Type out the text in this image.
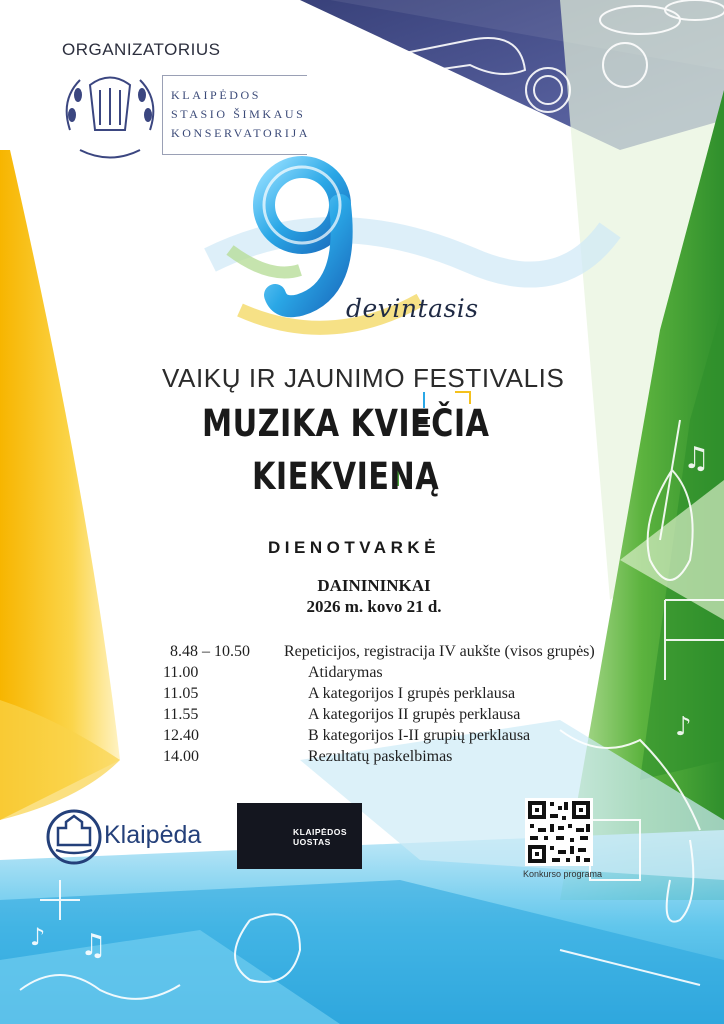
♫
♪
♪ ♫
♪
ORGANIZATORIUS
KLAIPĖDOS
STASIO ŠIMKAUS
KONSERVATORIJA
devintasis
VAIKŲ IR JAUNIMO FESTIVALIS
MUZIKA KVIEČIA
KIEKVIENĄ
DIENOTVARKĖ
DAINININKAI
2026 m. kovo 21 d.
8.48 – 10.50 Repeticijos, registracija IV aukšte (visos grupės)
11.00	Atidarymas
11.05	A kategorijos I grupės perklausa
11.55	A kategorijos II grupės perklausa
12.40	B kategorijos I-II grupių perklausa
14.00	Rezultatų paskelbimas
Klaipėda	KLAIPĖDOS
UOSTAS
Konkurso programa
